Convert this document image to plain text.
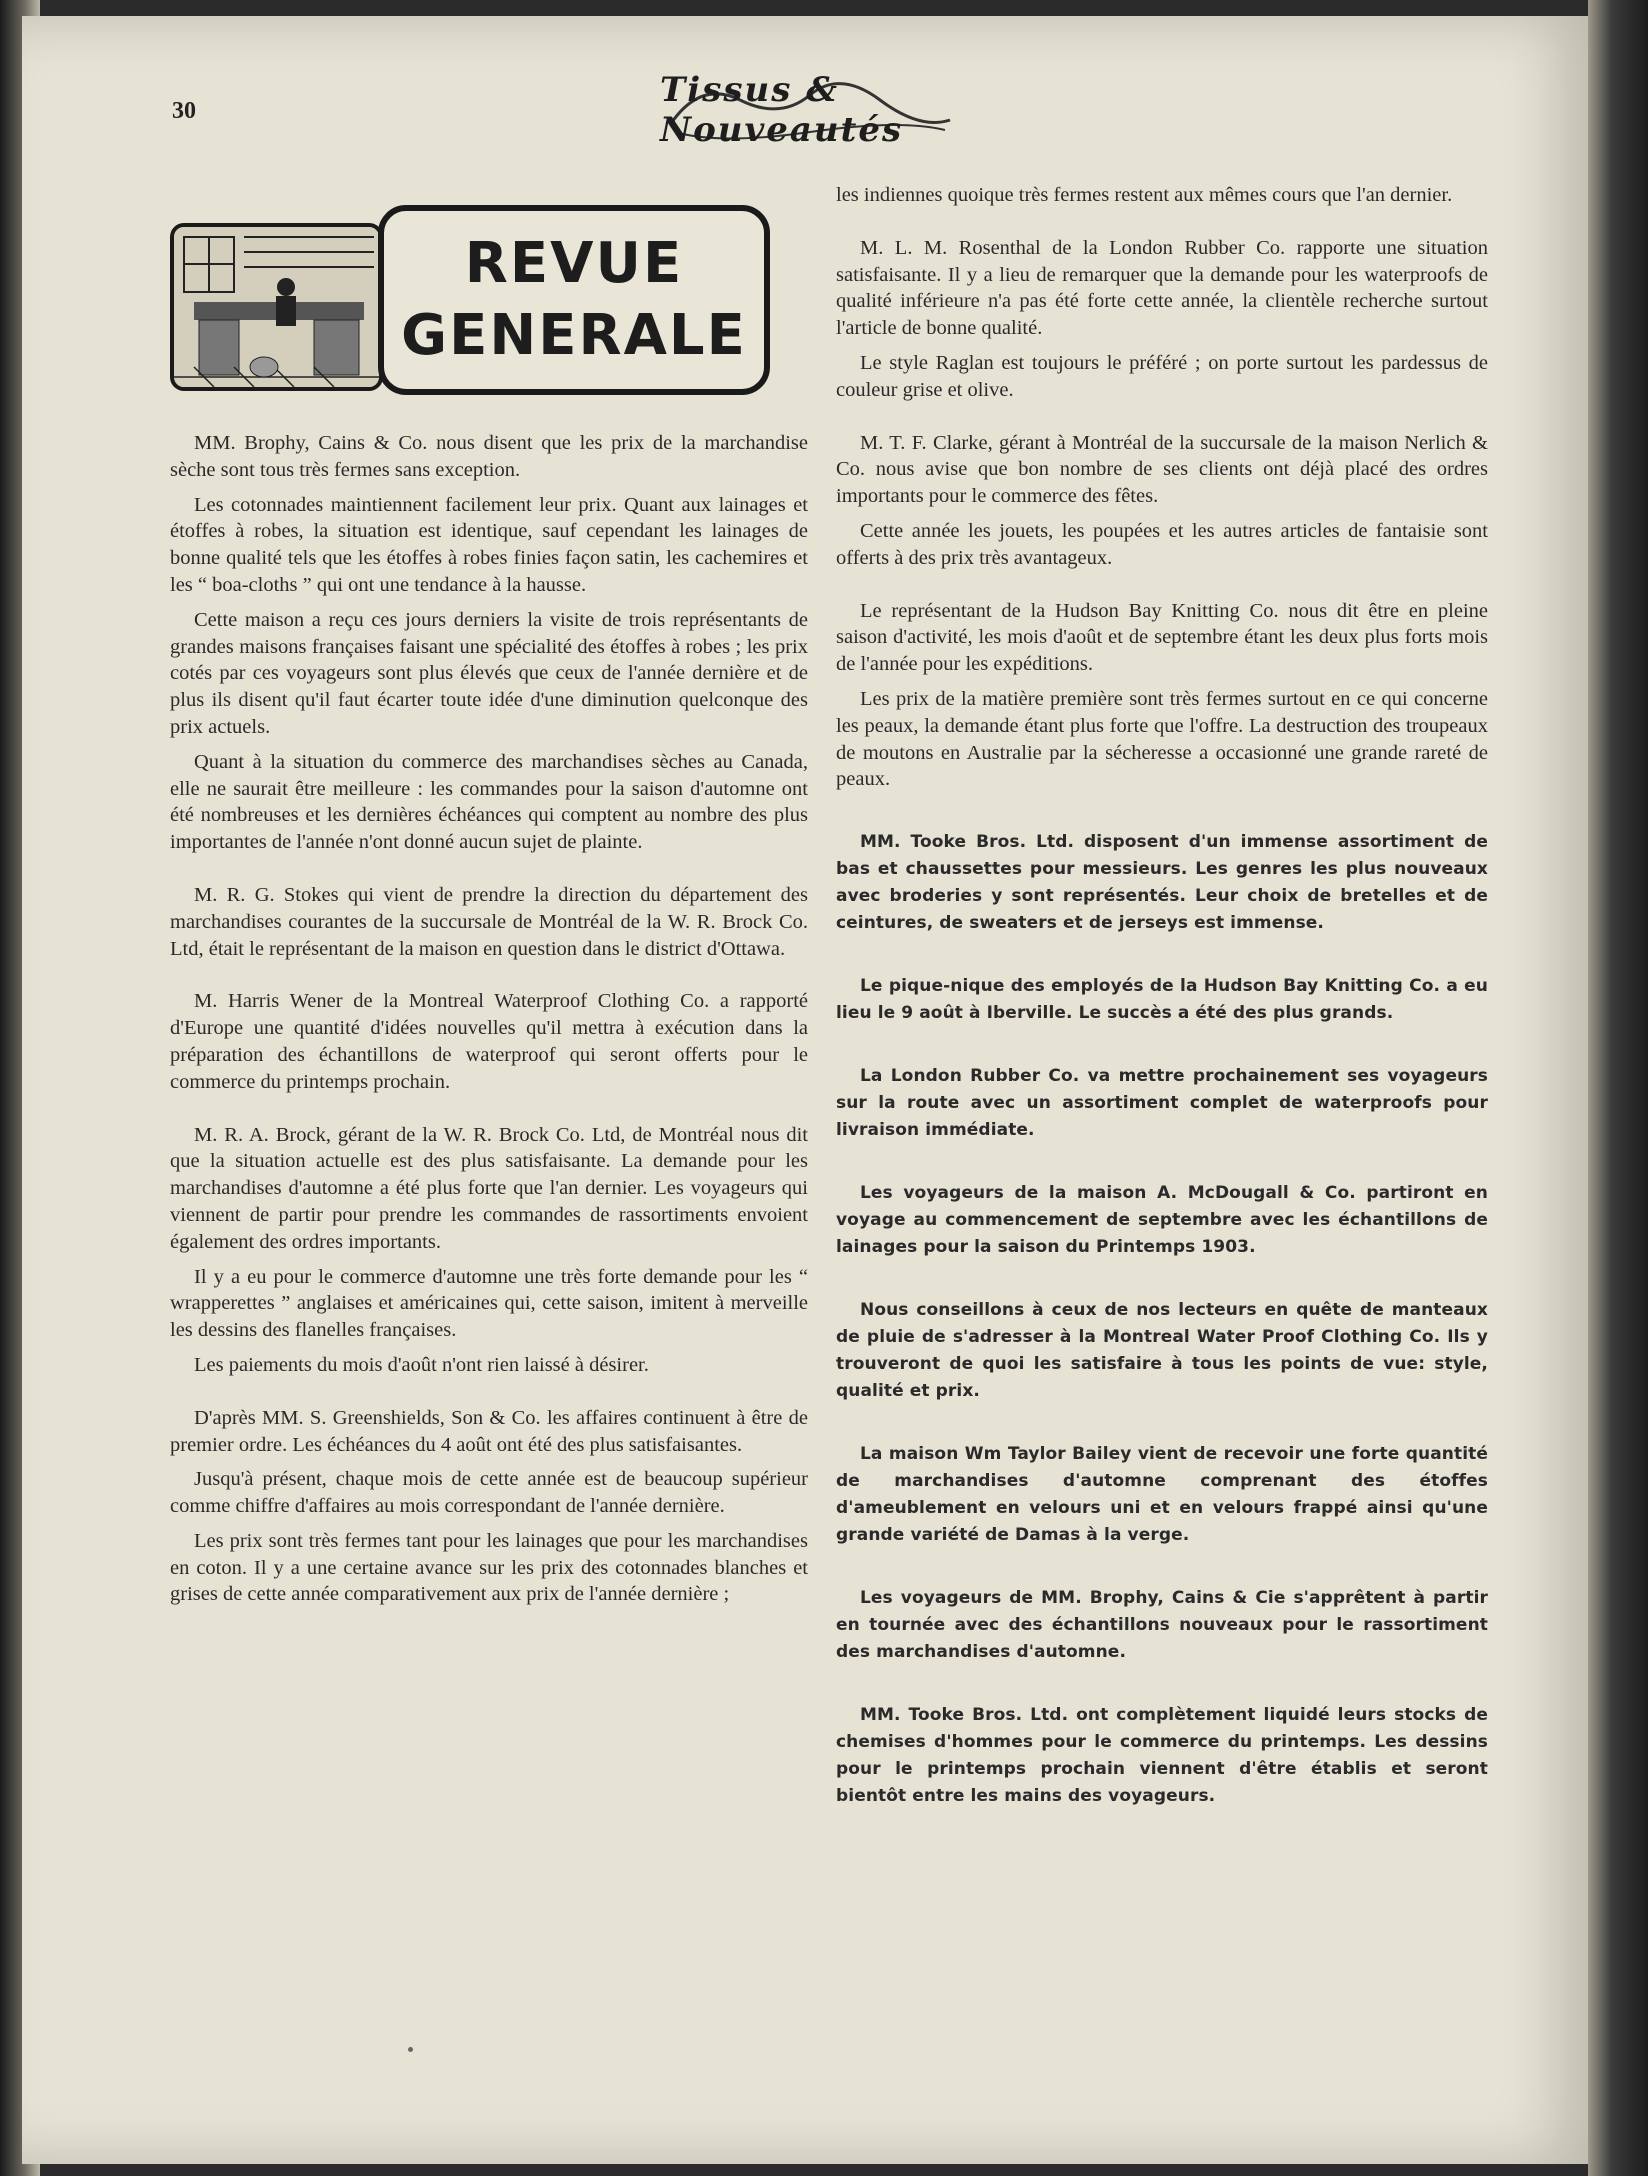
30
Tissus & Nouveautés
REVUE
GENERALE

MM. Brophy, Cains & Co. nous disent que les prix de la marchandise sèche sont tous très fermes sans exception.

Les cotonnades maintiennent facilement leur prix. Quant aux lainages et étoffes à robes, la situation est identique, sauf cependant les lainages de bonne qualité tels que les étoffes à robes finies façon satin, les cachemires et les “ boa-cloths ” qui ont une tendance à la hausse.

Cette maison a reçu ces jours derniers la visite de trois représentants de grandes maisons françaises faisant une spécialité des étoffes à robes ; les prix cotés par ces voyageurs sont plus élevés que ceux de l'année dernière et de plus ils disent qu'il faut écarter toute idée d'une diminution quelconque des prix actuels.

Quant à la situation du commerce des marchandises sèches au Canada, elle ne saurait être meilleure : les commandes pour la saison d'automne ont été nombreuses et les dernières échéances qui comptent au nombre des plus importantes de l'année n'ont donné aucun sujet de plainte.

M. R. G. Stokes qui vient de prendre la direction du département des marchandises courantes de la succursale de Montréal de la W. R. Brock Co. Ltd, était le représentant de la maison en question dans le district d'Ottawa.

M. Harris Wener de la Montreal Waterproof Clothing Co. a rapporté d'Europe une quantité d'idées nouvelles qu'il mettra à exécution dans la préparation des échantillons de waterproof qui seront offerts pour le commerce du printemps prochain.

M. R. A. Brock, gérant de la W. R. Brock Co. Ltd, de Montréal nous dit que la situation actuelle est des plus satisfaisante. La demande pour les marchandises d'automne a été plus forte que l'an dernier. Les voyageurs qui viennent de partir pour prendre les commandes de rassortiments envoient également des ordres importants.

Il y a eu pour le commerce d'automne une très forte demande pour les “ wrapperettes ” anglaises et américaines qui, cette saison, imitent à merveille les dessins des flanelles françaises.

Les paiements du mois d'août n'ont rien laissé à désirer.

D'après MM. S. Greenshields, Son & Co. les affaires continuent à être de premier ordre. Les échéances du 4 août ont été des plus satisfaisantes.

Jusqu'à présent, chaque mois de cette année est de beaucoup supérieur comme chiffre d'affaires au mois correspondant de l'année dernière.

Les prix sont très fermes tant pour les lainages que pour les marchandises en coton. Il y a une certaine avance sur les prix des cotonnades blanches et grises de cette année comparativement aux prix de l'année dernière ;

les indiennes quoique très fermes restent aux mêmes cours que l'an dernier.

M. L. M. Rosenthal de la London Rubber Co. rapporte une situation satisfaisante. Il y a lieu de remarquer que la demande pour les waterproofs de qualité inférieure n'a pas été forte cette année, la clientèle recherche surtout l'article de bonne qualité.

Le style Raglan est toujours le préféré ; on porte surtout les pardessus de couleur grise et olive.

M. T. F. Clarke, gérant à Montréal de la succursale de la maison Nerlich & Co. nous avise que bon nombre de ses clients ont déjà placé des ordres importants pour le commerce des fêtes.

Cette année les jouets, les poupées et les autres articles de fantaisie sont offerts à des prix très avantageux.

Le représentant de la Hudson Bay Knitting Co. nous dit être en pleine saison d'activité, les mois d'août et de septembre étant les deux plus forts mois de l'année pour les expéditions.

Les prix de la matière première sont très fermes surtout en ce qui concerne les peaux, la demande étant plus forte que l'offre. La destruction des troupeaux de moutons en Australie par la sécheresse a occasionné une grande rareté de peaux.

MM. Tooke Bros. Ltd. disposent d'un immense assortiment de bas et chaussettes pour messieurs. Les genres les plus nouveaux avec broderies y sont représentés. Leur choix de bretelles et de ceintures, de sweaters et de jerseys est immense.

Le pique-nique des employés de la Hudson Bay Knitting Co. a eu lieu le 9 août à Iberville. Le succès a été des plus grands.

La London Rubber Co. va mettre prochainement ses voyageurs sur la route avec un assortiment complet de waterproofs pour livraison immédiate.

Les voyageurs de la maison A. McDougall & Co. partiront en voyage au commencement de septembre avec les échantillons de lainages pour la saison du Printemps 1903.

Nous conseillons à ceux de nos lecteurs en quête de manteaux de pluie de s'adresser à la Montreal Water Proof Clothing Co. Ils y trouveront de quoi les satisfaire à tous les points de vue: style, qualité et prix.

La maison Wm Taylor Bailey vient de recevoir une forte quantité de marchandises d'automne comprenant des étoffes d'ameublement en velours uni et en velours frappé ainsi qu'une grande variété de Damas à la verge.

Les voyageurs de MM. Brophy, Cains & Cie s'apprêtent à partir en tournée avec des échantillons nouveaux pour le rassortiment des marchandises d'automne.

MM. Tooke Bros. Ltd. ont complètement liquidé leurs stocks de chemises d'hommes pour le commerce du printemps. Les dessins pour le printemps prochain viennent d'être établis et seront bientôt entre les mains des voyageurs.
